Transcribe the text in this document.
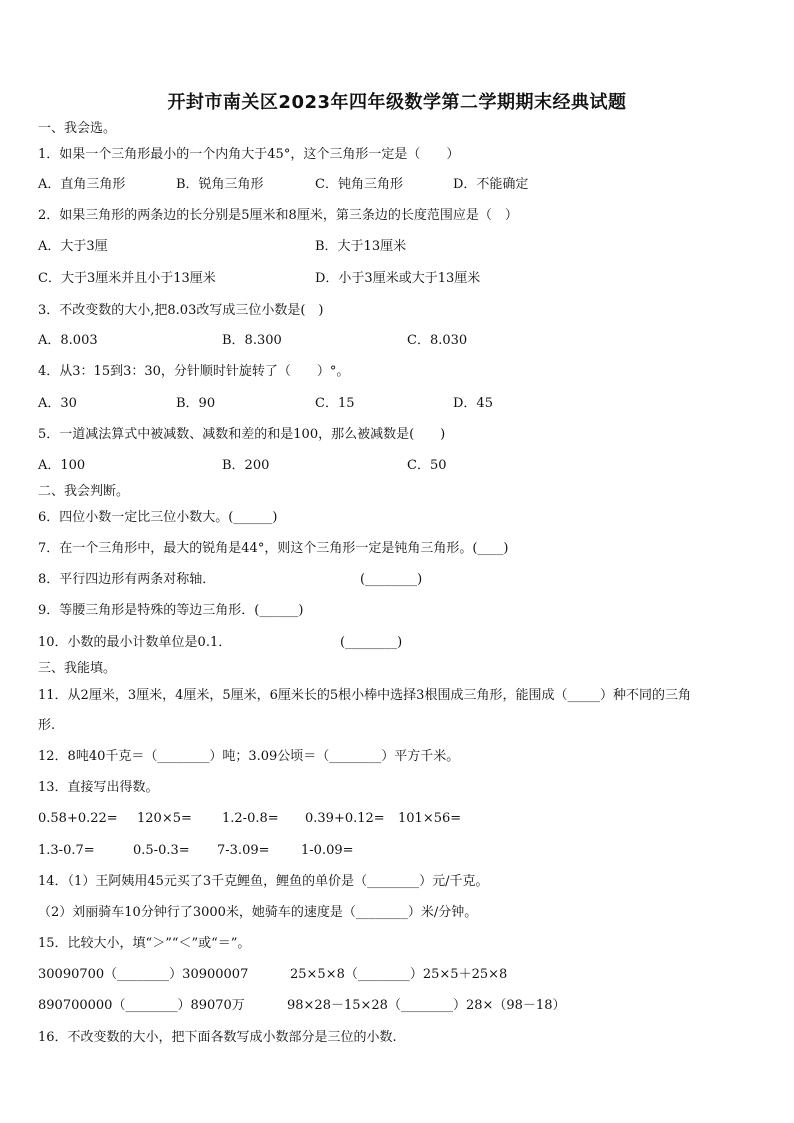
开封市南关区2023年四年级数学第二学期期末经典试题
一、我会选。
1．如果一个三角形最小的一个内角大于45°，这个三角形一定是（　　）
A．直角三角形	B．锐角三角形	C．钝角三角形	D．不能确定
2．如果三角形的两条边的长分别是5厘米和8厘米，第三条边的长度范围应是（　）
A．大于3厘	B．大于13厘米
C．大于3厘米并且小于13厘米	D．小于3厘米或大于13厘米
3．不改变数的大小,把8.03改写成三位小数是(　)
A．8.003	B．8.300	C．8.030
4．从3：15到3：30，分针顺时针旋转了（　　）°。
A．30	B．90	C．15	D．45
5．一道减法算式中被减数、减数和差的和是100，那么被减数是(　　)
A．100	B．200	C．50
二、我会判断。
6．四位小数一定比三位小数大。(______)
7．在一个三角形中，最大的锐角是44°，则这个三角形一定是钝角三角形。(____)
8．平行四边形有两条对称轴．	(________)
9．等腰三角形是特殊的等边三角形．(______)
10．小数的最小计数单位是0.1．	(________)
三、我能填。
11．从2厘米，3厘米，4厘米，5厘米，6厘米长的5根小棒中选择3根围成三角形，能围成（_____）种不同的三角
形.
12．8吨40千克＝（________）吨；3.09公顷＝（________）平方千米。
13．直接写出得数。
0.58+0.22= 120×5= 1.2-0.8= 0.39+0.12= 101×56=
1.3-0.7=	0.5-0.3= 7-3.09= 1-0.09=
14．（1）王阿姨用45元买了3千克鲤鱼，鲤鱼的单价是（________）元/千克。
（2）刘丽骑车10分钟行了3000米，她骑车的速度是（________）米/分钟。
15．比较大小，填“＞”“＜”或“＝”。
30090700（________）30900007	25×5×8（________）25×5＋25×8
890700000（________）89070万	98×28－15×28（________）28×（98－18）
16．不改变数的大小，把下面各数写成小数部分是三位的小数.
